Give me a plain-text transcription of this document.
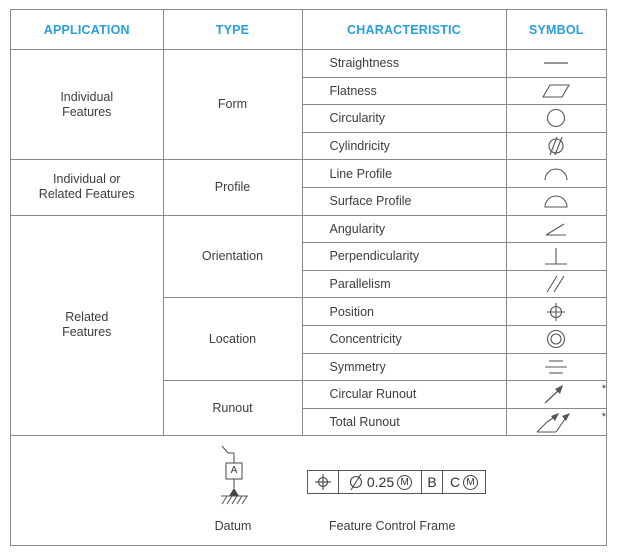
APPLICATION	TYPE	CHARACTERISTIC	SYMBOL
Individual
Features	Form	Straightness	

		Flatness	

		Circularity	

		Cylindricity	

Individual or
Related Features	Profile	Line Profile	

		Surface Profile	

Related
Features	Orientation	Angularity	

		Perpendicularity	

		Parallelism	

	Location	Position	

		Concentricity	

		Symmetry	

	Runout	Circular Runout	*

		Total Runout	*
A
Datum
0.25 M	B C M
Feature Control Frame
